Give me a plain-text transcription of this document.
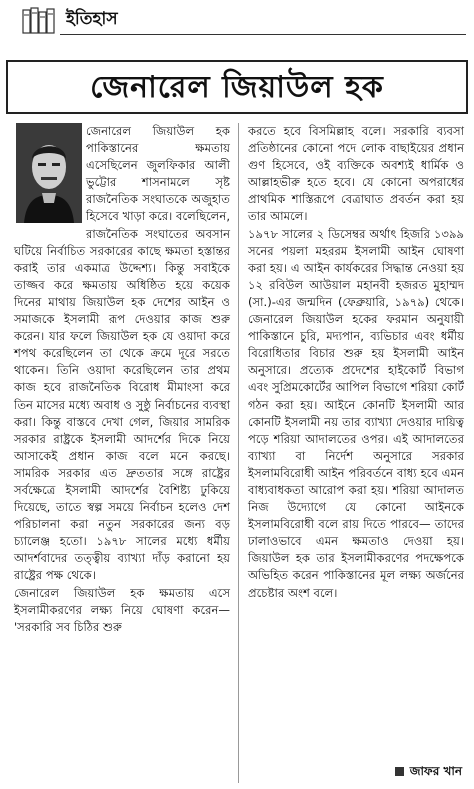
ইতিহাস
জেনারেল জিয়াউল হক

জেনারেল জিয়াউল হক পাকিস্তানের ক্ষমতায় এসেছিলেন জুলফিকার আলী ভুট্টোর শাসনামলে সৃষ্ট রাজনৈতিক সংঘাতকে অজুহাত হিসেবে খাড়া করে। বলেছিলেন, রাজনৈতিক সংঘাতের অবসান ঘটিয়ে নির্বাচিত সরকারের কাছে ক্ষমতা হস্তান্তর করাই তার একমাত্র উদ্দেশ্য। কিন্তু সবাইকে তাজ্জব করে ক্ষমতায় অধিষ্ঠিত হয়ে কয়েক দিনের মাথায় জিয়াউল হক দেশের আইন ও সমাজকে ইসলামী রূপ দেওয়ার কাজ শুরু করেন। যার ফলে জিয়াউল হক যে ওয়াদা করে শপথ করেছিলেন তা থেকে ক্রমে দূরে সরতে থাকেন। তিনি ওয়াদা করেছিলেন তার প্রথম কাজ হবে রাজনৈতিক বিরোধ মীমাংসা করে তিন মাসের মধ্যে অবাধ ও সুষ্ঠু নির্বাচনের ব্যবস্থা করা। কিন্তু বাস্তবে দেখা গেল, জিয়ার সামরিক সরকার রাষ্ট্রকে ইসলামী আদর্শের দিকে নিয়ে আসাকেই প্রধান কাজ বলে মনে করছে। সামরিক সরকার এত দ্রুততার সঙ্গে রাষ্ট্রের সর্বক্ষেত্রে ইসলামী আদর্শের বৈশিষ্ট্য ঢুকিয়ে দিয়েছে, তাতে স্বল্প সময়ে নির্বাচন হলেও দেশ পরিচালনা করা নতুন সরকারের জন্য বড় চ্যালেঞ্জ হতো। ১৯৭৮ সালের মধ্যে ধর্মীয় আদর্শবাদের তত্ত্বীয় ব্যাখ্যা দাঁড় করানো হয় রাষ্ট্রের পক্ষ থেকে।

জেনারেল জিয়াউল হক ক্ষমতায় এসে ইসলামীকরণের লক্ষ্য নিয়ে ঘোষণা করেন— 'সরকারি সব চিঠির শুরু

করতে হবে বিসমিল্লাহ বলে। সরকারি ব্যবসা প্রতিষ্ঠানের কোনো পদে লোক বাছাইয়ের প্রধান গুণ হিসেবে, ওই ব্যক্তিকে অবশ্যই ধার্মিক ও আল্লাহভীরু হতে হবে। যে কোনো অপরাধের প্রাথমিক শাস্তিরূপে বেত্রাঘাত প্রবর্তন করা হয় তার আমলে।

১৯৭৮ সালের ২ ডিসেম্বর অর্থাৎ হিজরি ১৩৯৯ সনের পয়লা মহররম ইসলামী আইন ঘোষণা করা হয়। এ আইন কার্যকরের সিদ্ধান্ত নেওয়া হয় ১২ রবিউল আউয়াল মহানবী হজরত মুহাম্মদ (সা.)-এর জন্মদিন (ফেব্রুয়ারি, ১৯৭৯) থেকে। জেনারেল জিয়াউল হকের ফরমান অনুযায়ী পাকিস্তানে চুরি, মদ্যপান, ব্যভিচার এবং ধর্মীয় বিরোধিতার বিচার শুরু হয় ইসলামী আইন অনুসারে। প্রত্যেক প্রদেশের হাইকোর্ট বিভাগ এবং সুপ্রিমকোর্টের আপিল বিভাগে শরিয়া কোর্ট গঠন করা হয়। আইনে কোনটি ইসলামী আর কোনটি ইসলামী নয় তার ব্যাখ্যা দেওয়ার দায়িত্ব পড়ে শরিয়া আদালতের ওপর। এই আদালতের ব্যাখ্যা বা নির্দেশ অনুসারে সরকার ইসলামবিরোধী আইন পরিবর্তনে বাধ্য হবে এমন বাধ্যবাধকতা আরোপ করা হয়। শরিয়া আদালত নিজ উদ্যোগে যে কোনো আইনকে ইসলামবিরোধী বলে রায় দিতে পারবে— তাদের ঢালাওভাবে এমন ক্ষমতাও দেওয়া হয়। জিয়াউল হক তার ইসলামীকরণের পদক্ষেপকে অভিহিত করেন পাকিস্তানের মূল লক্ষ্য অর্জনের প্রচেষ্টার অংশ বলে।

জাফর খান
